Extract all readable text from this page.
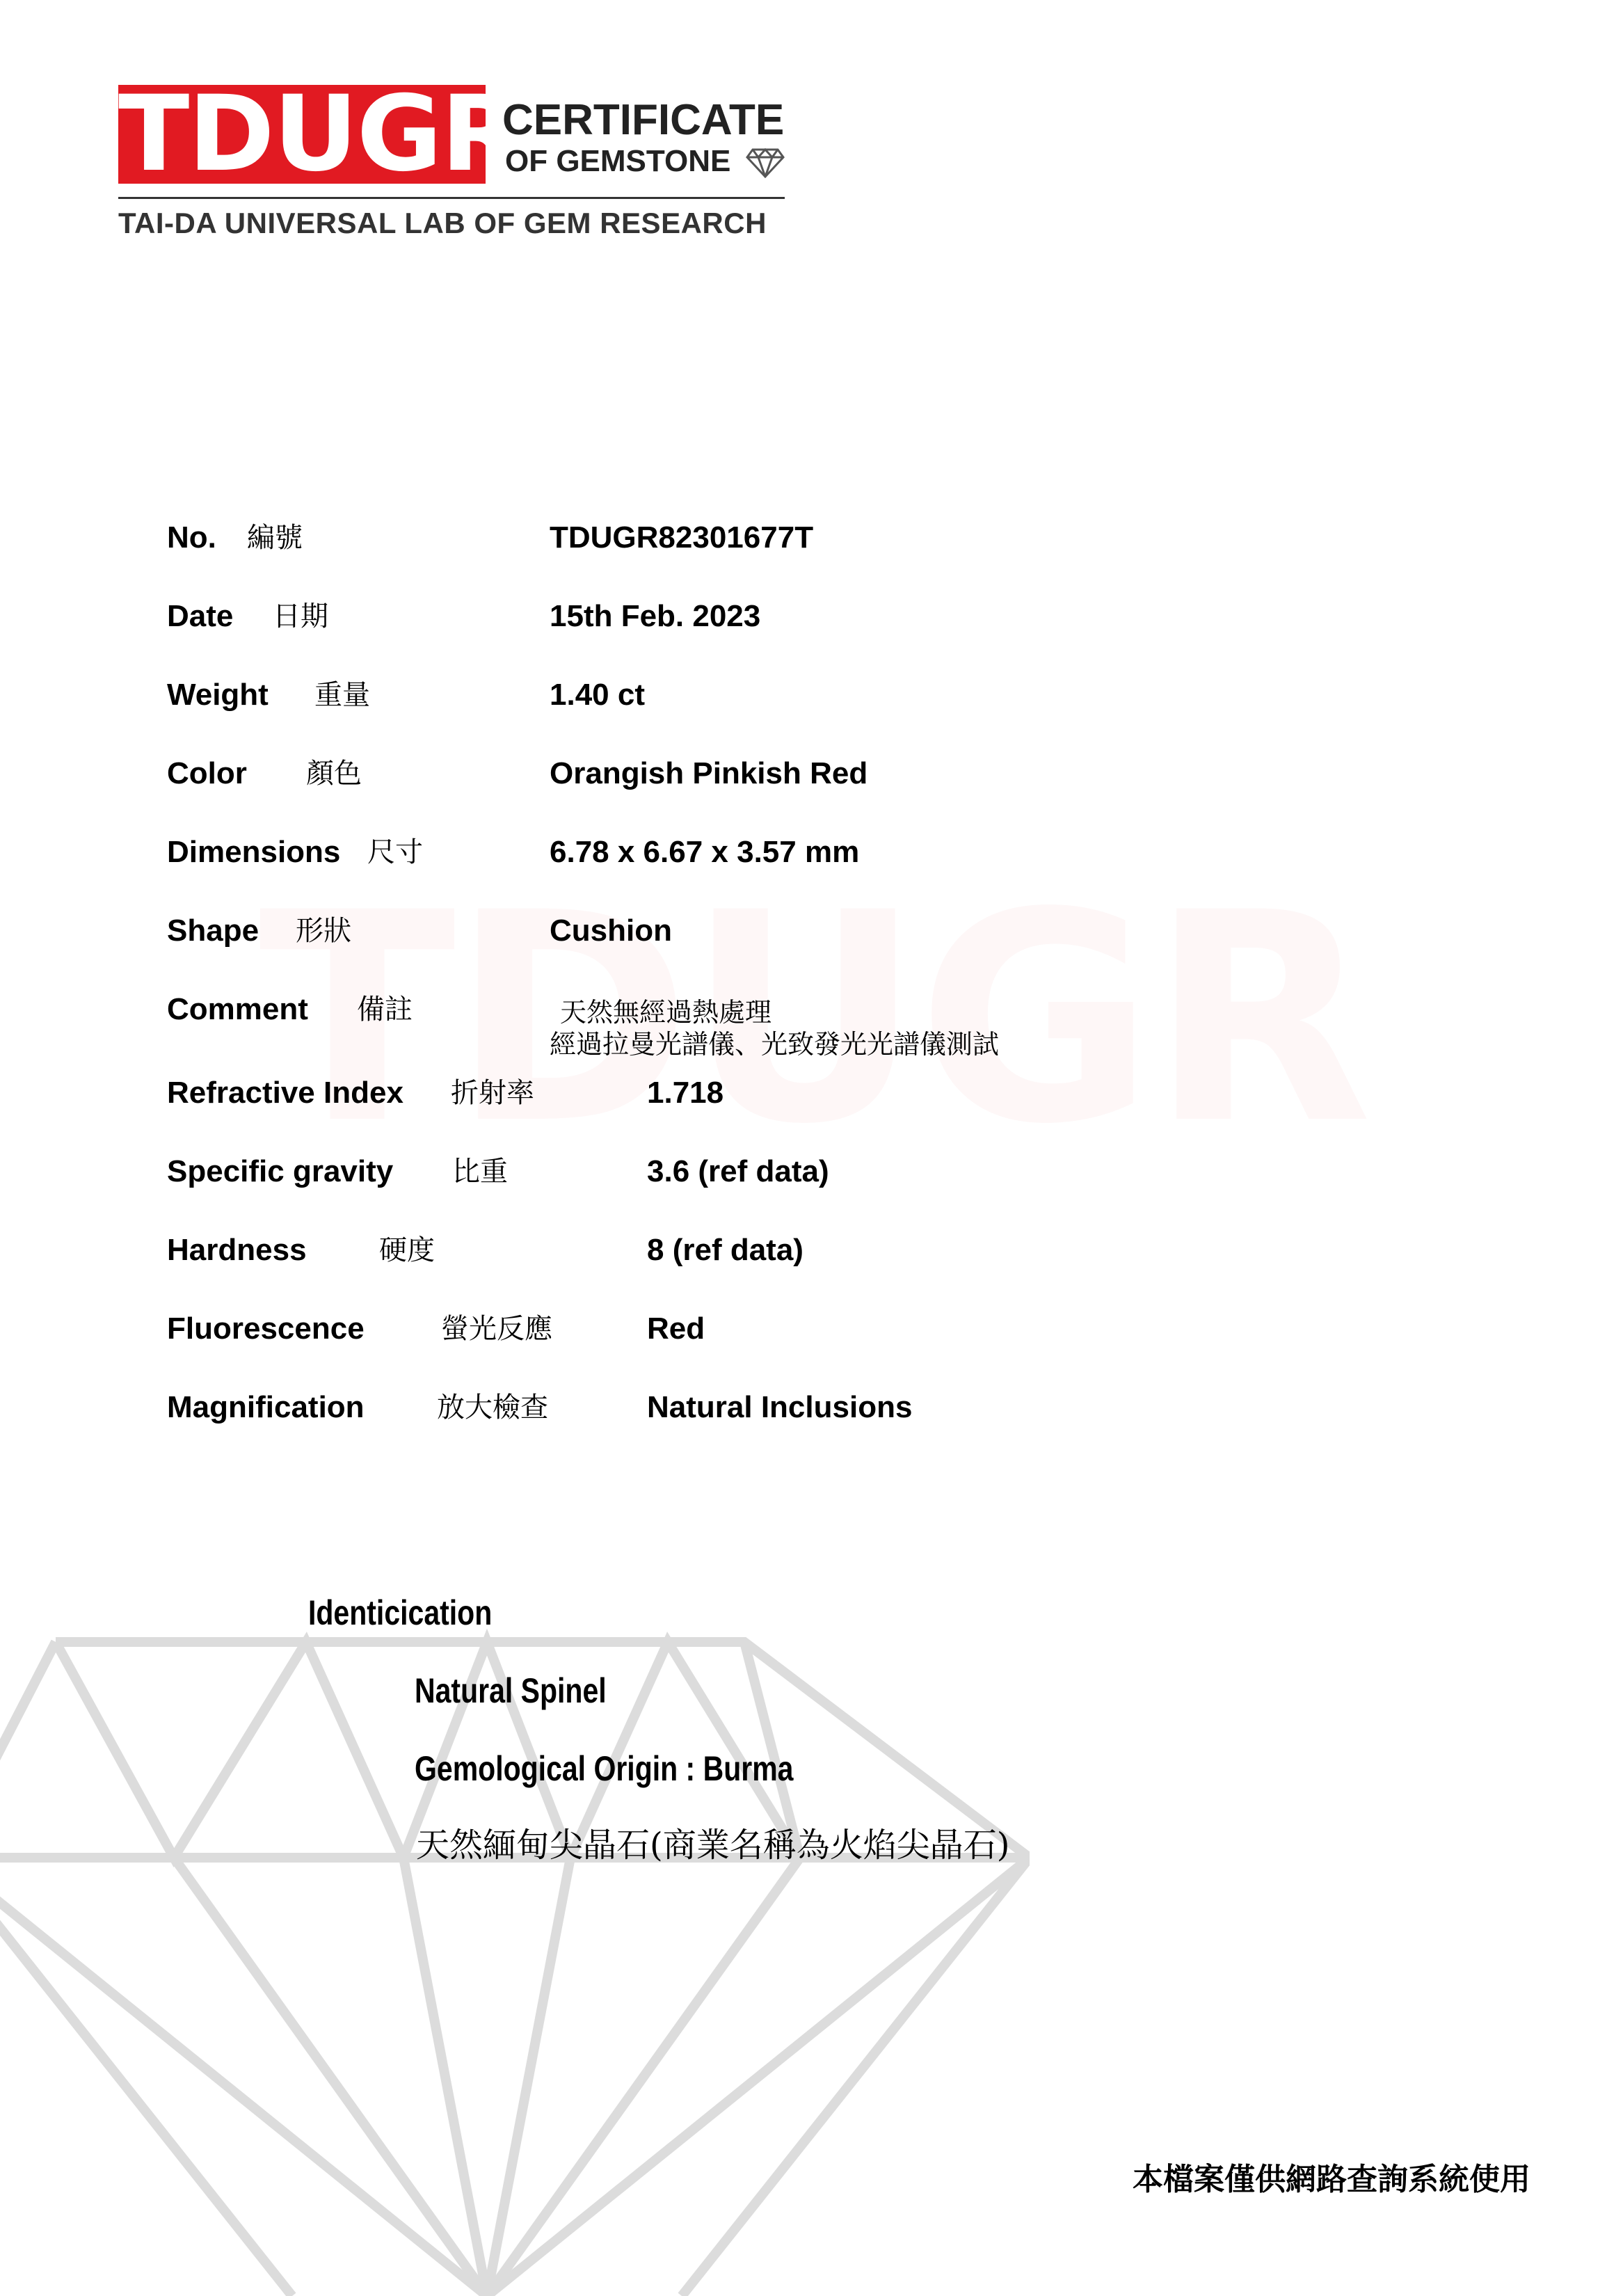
TDUGR
CERTIFICATE
OF GEMSTONE
TAI-DA UNIVERSAL LAB OF GEM RESEARCH
No. 編號	TDUGR82301677T
Date 日期	15th Feb. 2023
Weight 重量	1.40 ct
Color 顏色	Orangish Pinkish Red
Dimensions 尺寸	6.78 x 6.67 x 3.57 mm
Shape 形狀	Cushion
Comment 備註	天然無經過熱處理
經過拉曼光譜儀、光致發光光譜儀測試
Refractive Index 折射率	1.718
Specific gravity 比重	3.6 (ref data)
Hardness	硬度	8 (ref data)
Fluorescence	螢光反應	Red
Magnification	放大檢查	Natural Inclusions
Identicication
Natural Spinel
Gemological Origin : Burma
天然緬甸尖晶石(商業名稱為火焰尖晶石)
本檔案僅供網路查詢系統使用
